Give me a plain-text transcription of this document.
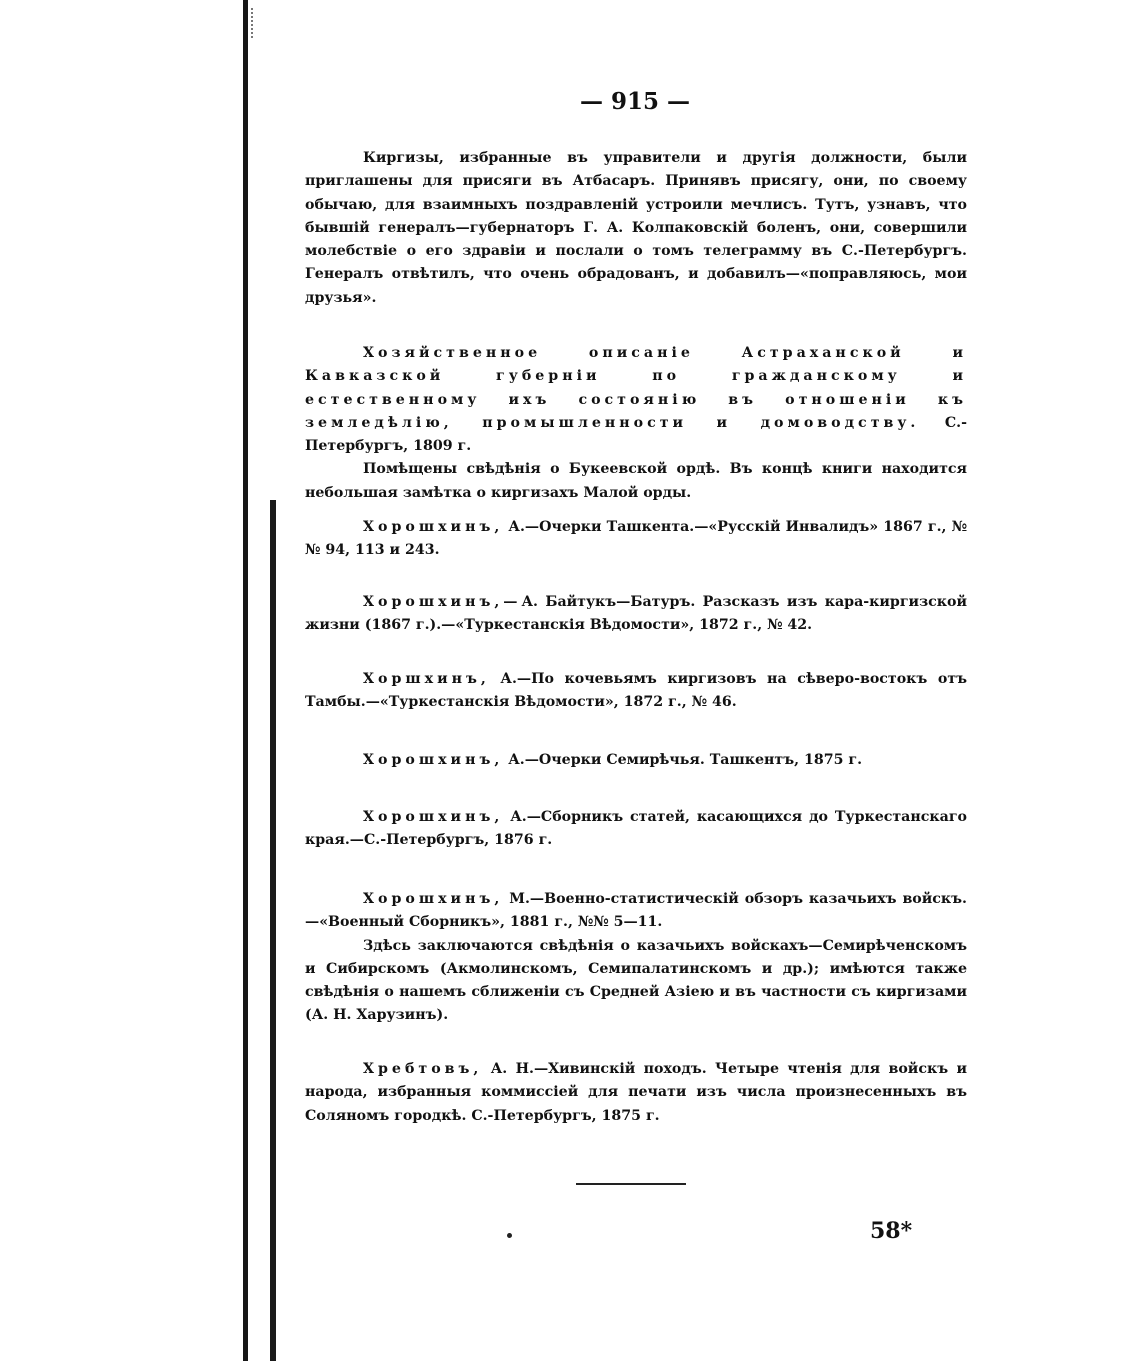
— 915 —

Киргизы, избранные въ управители и другія должности, были приглашены для присяги въ Атбасаръ. Принявъ присягу, они, по своему обычаю, для взаимныхъ поздравленій устроили мечлисъ. Тутъ, узнавъ, что бывшій генералъ—губернаторъ Г. А. Колпаковскій боленъ, они, совершили молебствіе о его здравіи и послали о томъ телеграмму въ С.-Петербургъ. Генералъ отвѣтилъ, что очень обрадованъ, и добавилъ—«поправляюсь, мои друзья».

Хозяйственное описаніе Астраханской и Кавказской губерніи по гражданскому и естественному ихъ состоянію въ отношеніи къ земледѣлію, промышленности и домоводству. С.-Петербургъ, 1809 г.

Помѣщены свѣдѣнія о Букеевской ордѣ. Въ концѣ книги находится небольшая замѣтка о киргизахъ Малой орды.

Хорошхинъ, А.—Очерки Ташкента.—«Русскій Инвалидъ» 1867 г., №№ 94, 113 и 243.

Хорошхинъ,—А. Байтукъ—Батуръ. Разсказъ изъ кара-киргизской жизни (1867 г.).—«Туркестанскія Вѣдомости», 1872 г., № 42.

Хоршхинъ, А.—По кочевьямъ киргизовъ на сѣверо-востокъ отъ Тамбы.—«Туркестанскія Вѣдомости», 1872 г., № 46.

Хорошхинъ, А.—Очерки Семирѣчья. Ташкентъ, 1875 г.

Хорошхинъ, А.—Сборникъ статей, касающихся до Туркестанскаго края.—С.-Петербургъ, 1876 г.

Хорошхинъ, М.—Военно-статистическій обзоръ казачьихъ войскъ. —«Военный Сборникъ», 1881 г., №№ 5—11.

Здѣсь заключаются свѣдѣнія о казачьихъ войскахъ—Семирѣченскомъ и Сибирскомъ (Акмолинскомъ, Семипалатинскомъ и др.); имѣются также свѣдѣнія о нашемъ сближеніи съ Средней Азіею и въ частности съ киргизами (А. Н. Харузинъ).

Хребтовъ, А. Н.—Хивинскій походъ. Четыре чтенія для войскъ и народа, избранныя коммиссіей для печати изъ числа произнесенныхъ въ Соляномъ городкѣ. С.-Петербургъ, 1875 г.

58*
